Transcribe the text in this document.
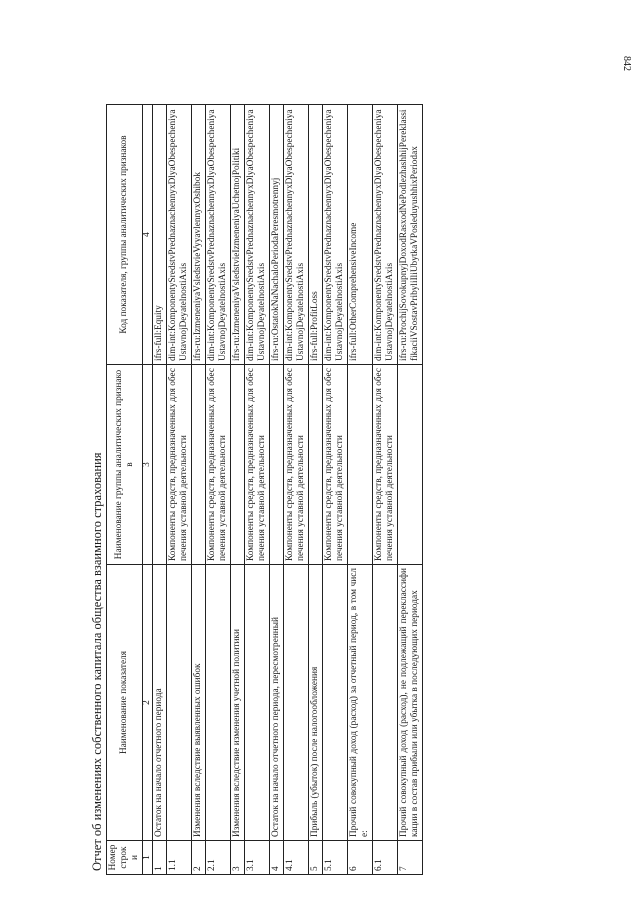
842
Отчет об изменениях собственного капитала общества взаимного страхования Номер строки	Наименование показателя	Наименование группы аналитических признаков	Код показателя, группы аналитических признаков
1	2	3	4
1	Остаток на начало отчетного периода		ifrs-full:Equity
1.1		Компоненты средств, предназначенных для обеспечения уставной деятельности	dim-int:KomponentySredstvPrednaznachennyxDlyaObespecheniyaUstavnojDeyatelnostiAxis
2	Изменения вследствие выявленных ошибок		ifrs-ru:IzmeneniyaVsledstvieVyyavlennyxOshibok
2.1		Компоненты средств, предназначенных для обеспечения уставной деятельности	dim-int:KomponentySredstvPrednaznachennyxDlyaObespecheniyaUstavnojDeyatelnostiAxis
3	Изменения вследствие изменения учетной политики		ifrs-ru:IzmeneniyaVsledstvieIzmeneniyaUchetnojPolitiki
3.1		Компоненты средств, предназначенных для обеспечения уставной деятельности	dim-int:KomponentySredstvPrednaznachennyxDlyaObespecheniyaUstavnojDeyatelnostiAxis
4	Остаток на начало отчетного периода, пересмотренный		ifrs-ru:OstatokNaNachaloPeriodaPeresmotrennyj
4.1		Компоненты средств, предназначенных для обеспечения уставной деятельности	dim-int:KomponentySredstvPrednaznachennyxDlyaObespecheniyaUstavnojDeyatelnostiAxis
5	Прибыль (убыток) после налогообложения		ifrs-full:ProfitLoss
5.1		Компоненты средств, предназначенных для обеспечения уставной деятельности	dim-int:KomponentySredstvPrednaznachennyxDlyaObespecheniyaUstavnojDeyatelnostiAxis
6	Прочий совокупный доход (расход) за отчетный период, в том числе:		ifrs-full:OtherComprehensiveIncome
6.1		Компоненты средств, предназначенных для обеспечения уставной деятельности	dim-int:KomponentySredstvPrednaznachennyxDlyaObespecheniyaUstavnojDeyatelnostiAxis
7	Прочий совокупный доход (расход), не подлежащий переклассификации в состав прибыли или убытка в последующих периодах		ifrs-ru:ProchijSovokupnyjDoxodRasxodNePodlezhashhijPereklassifikaciiVSostavPribyliIliUbytkaVPosleduyushhixPeriodax
